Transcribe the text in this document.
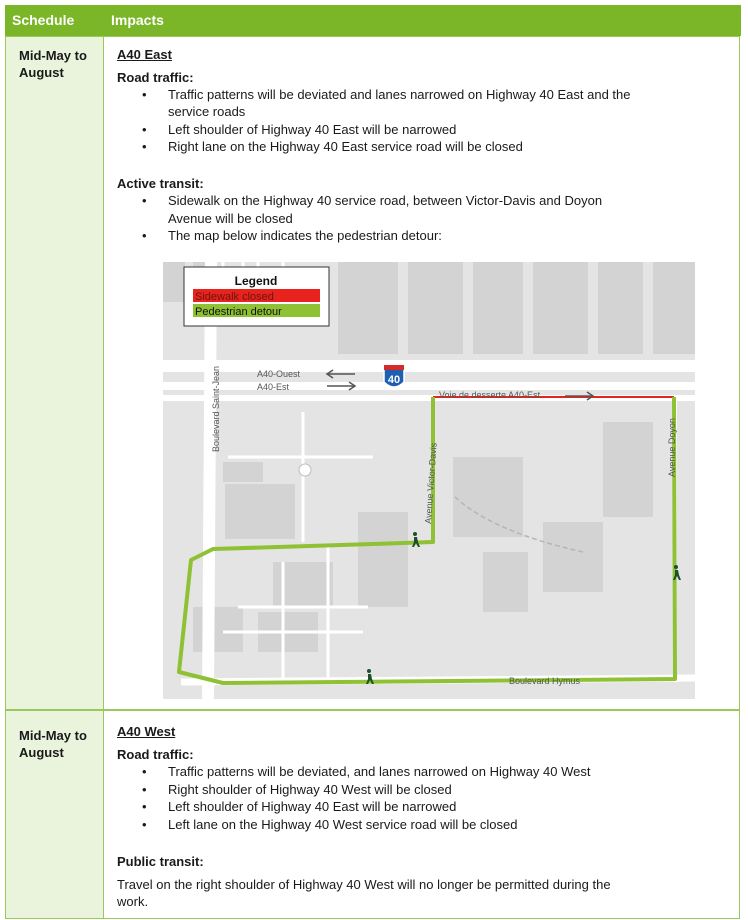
Schedule	Impacts
Mid-May to August
A40 East
Road traffic:
• Traffic patterns will be deviated and lanes narrowed on Highway 40 East and the
service roads
• Left shoulder of Highway 40 East will be narrowed
• Right lane on the Highway 40 East service road will be closed
Active transit:
• Sidewalk on the Highway 40 service road, between Victor-Davis and Doyon
Avenue will be closed
• The map below indicates the pedestrian detour:
40
A40-Ouest
A40-Est
Voie de desserte A40-Est
Boulevard Hymus
Boulevard Saint-Jean
Avenue Victor-Davis	Avenue Doyon
Legend
Sidewalk closed
Pedestrian detour
Mid-May to August
A40 West
Road traffic:
• Traffic patterns will be deviated, and lanes narrowed on Highway 40 West
• Right shoulder of Highway 40 West will be closed
• Left shoulder of Highway 40 East will be narrowed
• Left lane on the Highway 40 West service road will be closed
Public transit:
Travel on the right shoulder of Highway 40 West will no longer be permitted during the
work.
